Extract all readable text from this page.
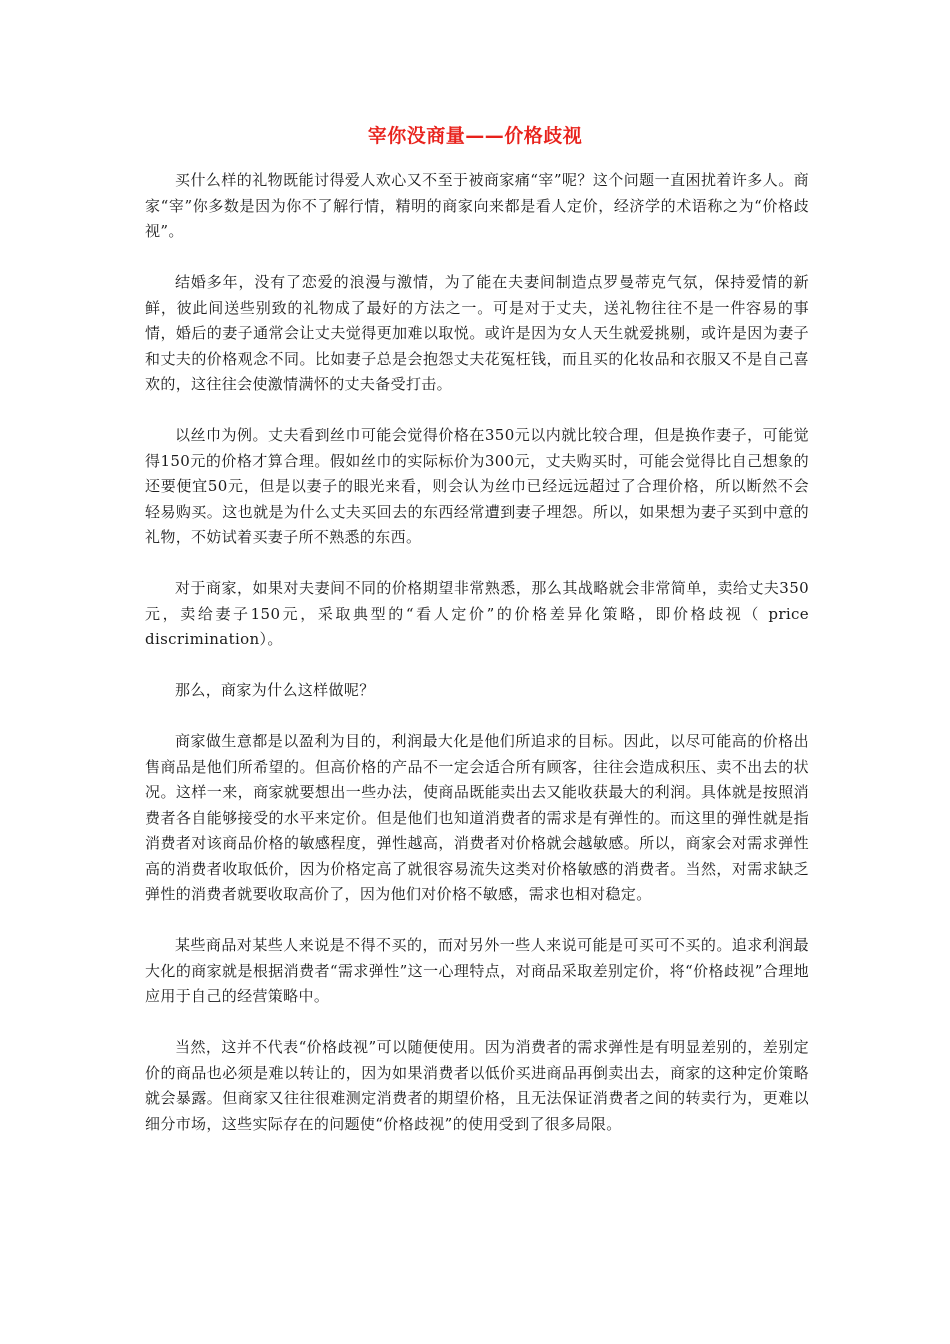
宰你没商量——价格歧视

买什么样的礼物既能讨得爱人欢心又不至于被商家痛“宰”呢？这个问题一直困扰着许多人。商家“宰”你多数是因为你不了解行情，精明的商家向来都是看人定价，经济学的术语称之为“价格歧视”。

结婚多年，没有了恋爱的浪漫与激情，为了能在夫妻间制造点罗曼蒂克气氛，保持爱情的新鲜，彼此间送些别致的礼物成了最好的方法之一。可是对于丈夫，送礼物往往不是一件容易的事情，婚后的妻子通常会让丈夫觉得更加难以取悦。或许是因为女人天生就爱挑剔，或许是因为妻子和丈夫的价格观念不同。比如妻子总是会抱怨丈夫花冤枉钱，而且买的化妆品和衣服又不是自己喜欢的，这往往会使激情满怀的丈夫备受打击。

以丝巾为例。丈夫看到丝巾可能会觉得价格在350元以内就比较合理，但是换作妻子，可能觉得150元的价格才算合理。假如丝巾的实际标价为300元，丈夫购买时，可能会觉得比自己想象的还要便宜50元，但是以妻子的眼光来看，则会认为丝巾已经远远超过了合理价格，所以断然不会轻易购买。这也就是为什么丈夫买回去的东西经常遭到妻子埋怨。所以，如果想为妻子买到中意的礼物，不妨试着买妻子所不熟悉的东西。

对于商家，如果对夫妻间不同的价格期望非常熟悉，那么其战略就会非常简单，卖给丈夫350元，卖给妻子150元，采取典型的“看人定价”的价格差异化策略，即价格歧视（ price discrimination）。

那么，商家为什么这样做呢？

商家做生意都是以盈利为目的，利润最大化是他们所追求的目标。因此，以尽可能高的价格出售商品是他们所希望的。但高价格的产品不一定会适合所有顾客，往往会造成积压、卖不出去的状况。这样一来，商家就要想出一些办法，使商品既能卖出去又能收获最大的利润。具体就是按照消费者各自能够接受的水平来定价。但是他们也知道消费者的需求是有弹性的。而这里的弹性就是指消费者对该商品价格的敏感程度，弹性越高，消费者对价格就会越敏感。所以，商家会对需求弹性高的消费者收取低价，因为价格定高了就很容易流失这类对价格敏感的消费者。当然，对需求缺乏弹性的消费者就要收取高价了，因为他们对价格不敏感，需求也相对稳定。

某些商品对某些人来说是不得不买的，而对另外一些人来说可能是可买可不买的。追求利润最大化的商家就是根据消费者“需求弹性”这一心理特点，对商品采取差别定价，将“价格歧视”合理地应用于自己的经营策略中。

当然，这并不代表“价格歧视”可以随便使用。因为消费者的需求弹性是有明显差别的，差别定价的商品也必须是难以转让的，因为如果消费者以低价买进商品再倒卖出去，商家的这种定价策略就会暴露。但商家又往往很难测定消费者的期望价格，且无法保证消费者之间的转卖行为，更难以细分市场，这些实际存在的问题使“价格歧视”的使用受到了很多局限。
